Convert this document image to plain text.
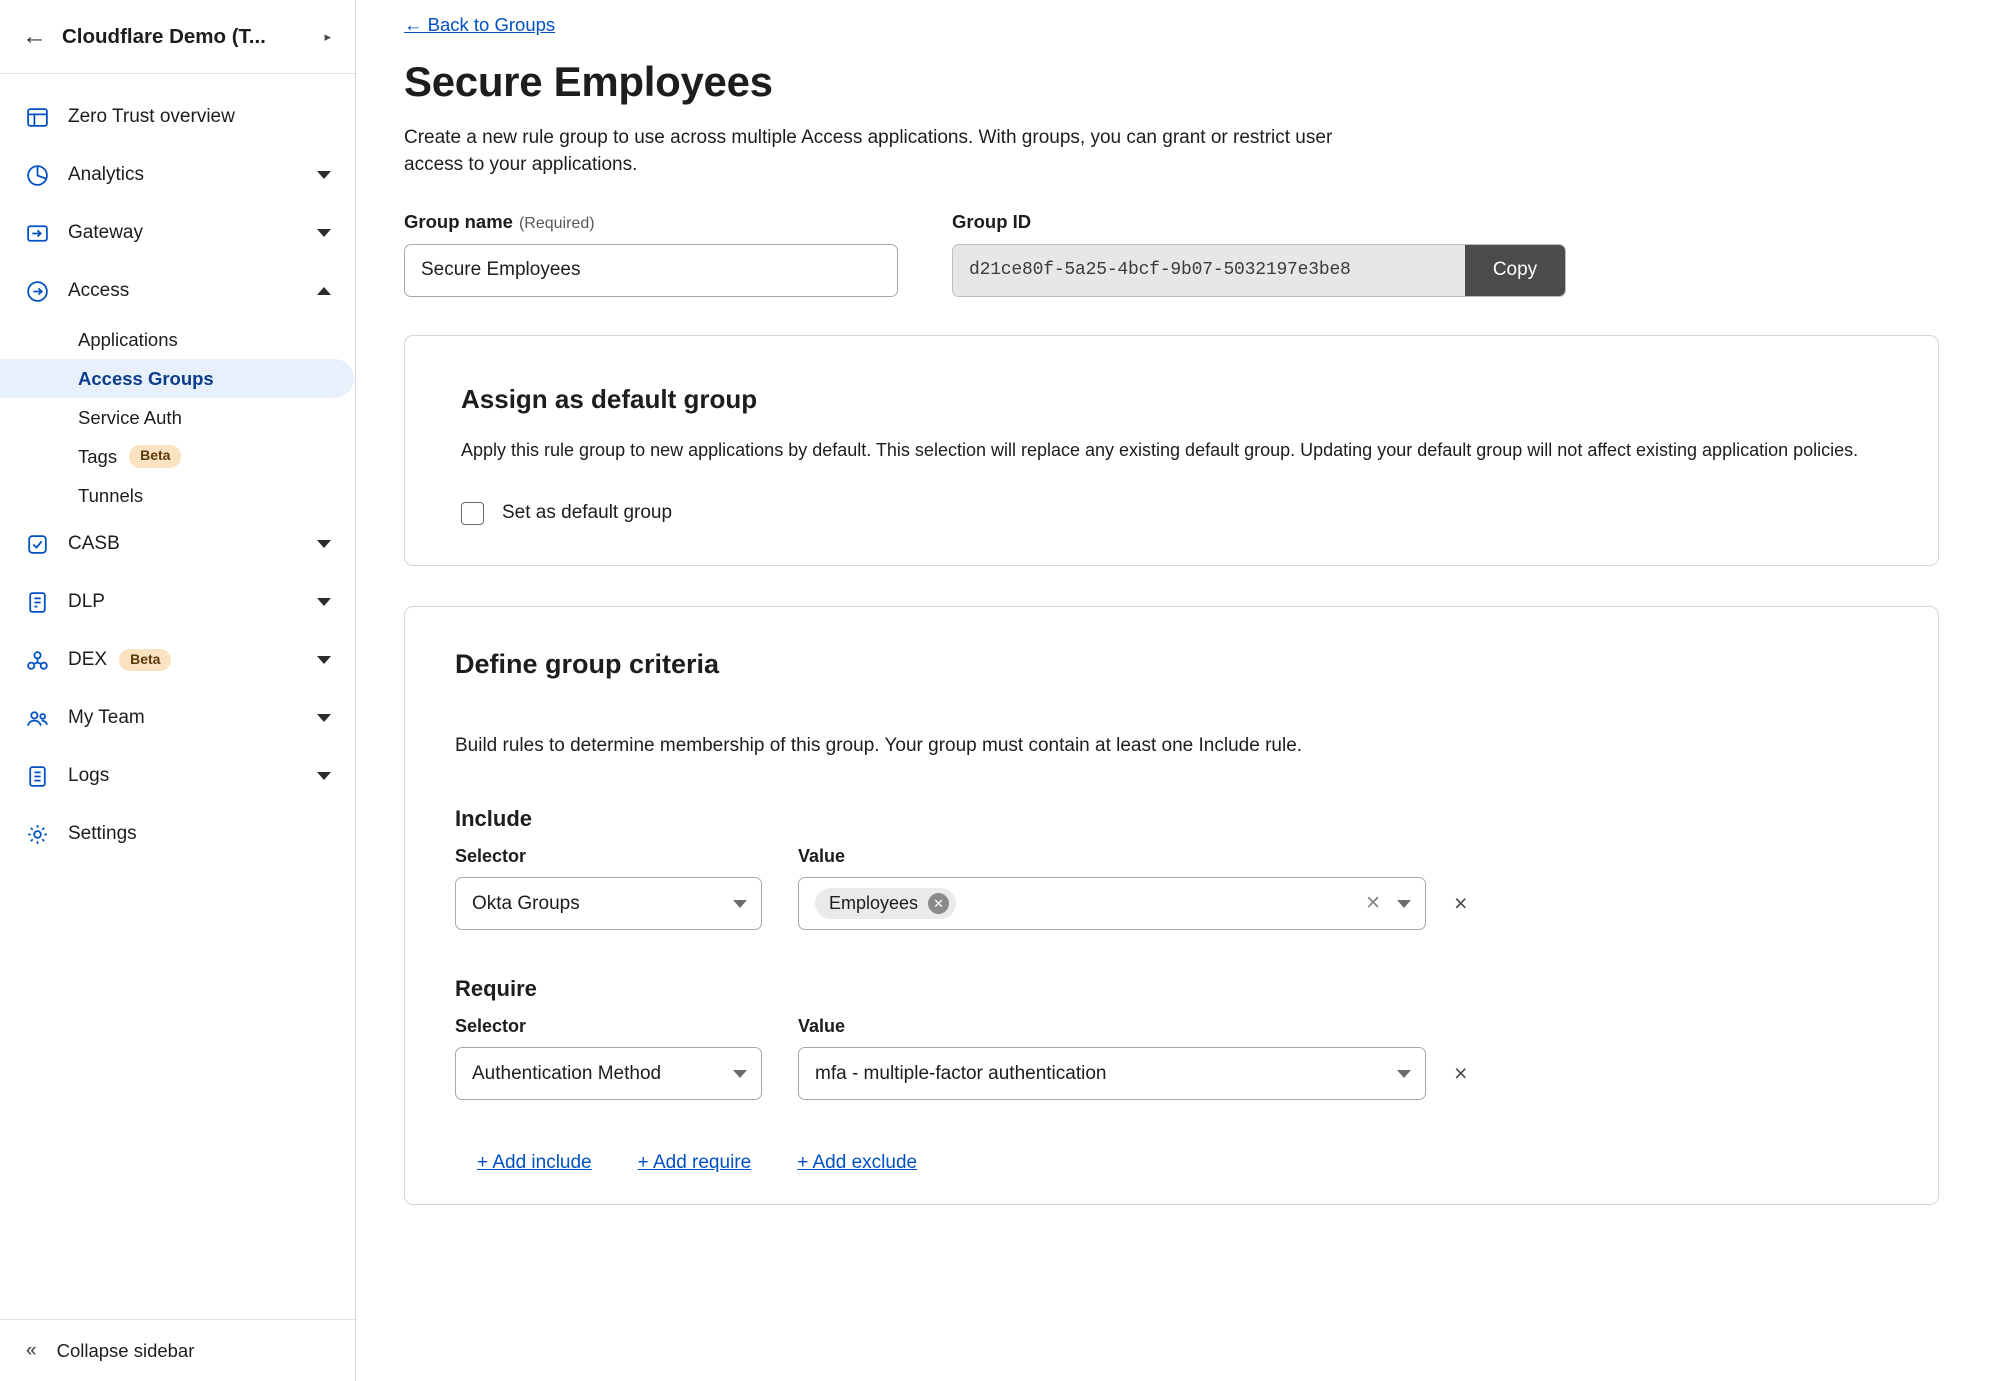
← Cloudflare Demo (T...	▸
Zero Trust overview
Analytics
Gateway
Access
Applications
Access Groups
Service Auth
Tags	Beta
Tunnels
CASB
DLP
DEX	Beta
My Team
Logs
Settings
« Collapse sidebar
← Back to Groups
Secure Employees

Create a new rule group to use across multiple Access applications. With groups, you can grant or restrict user access to your applications.

Group name (Required)
Secure Employees	Group ID
d21ce80f-5a25-4bcf-9b07-5032197e3be8	Copy
Assign as default group

Apply this rule group to new applications by default. This selection will replace any existing default group. Updating your default group will not affect existing application policies.

Set as default group
Define group criteria

Build rules to determine membership of this group. Your group must contain at least one Include rule.

Include
Selector
Okta Groups
Value
Employees	✕	✕	×
Require
Selector
Authentication Method
Value
mfa - multiple-factor authentication	×
+ Add include + Add require + Add exclude
